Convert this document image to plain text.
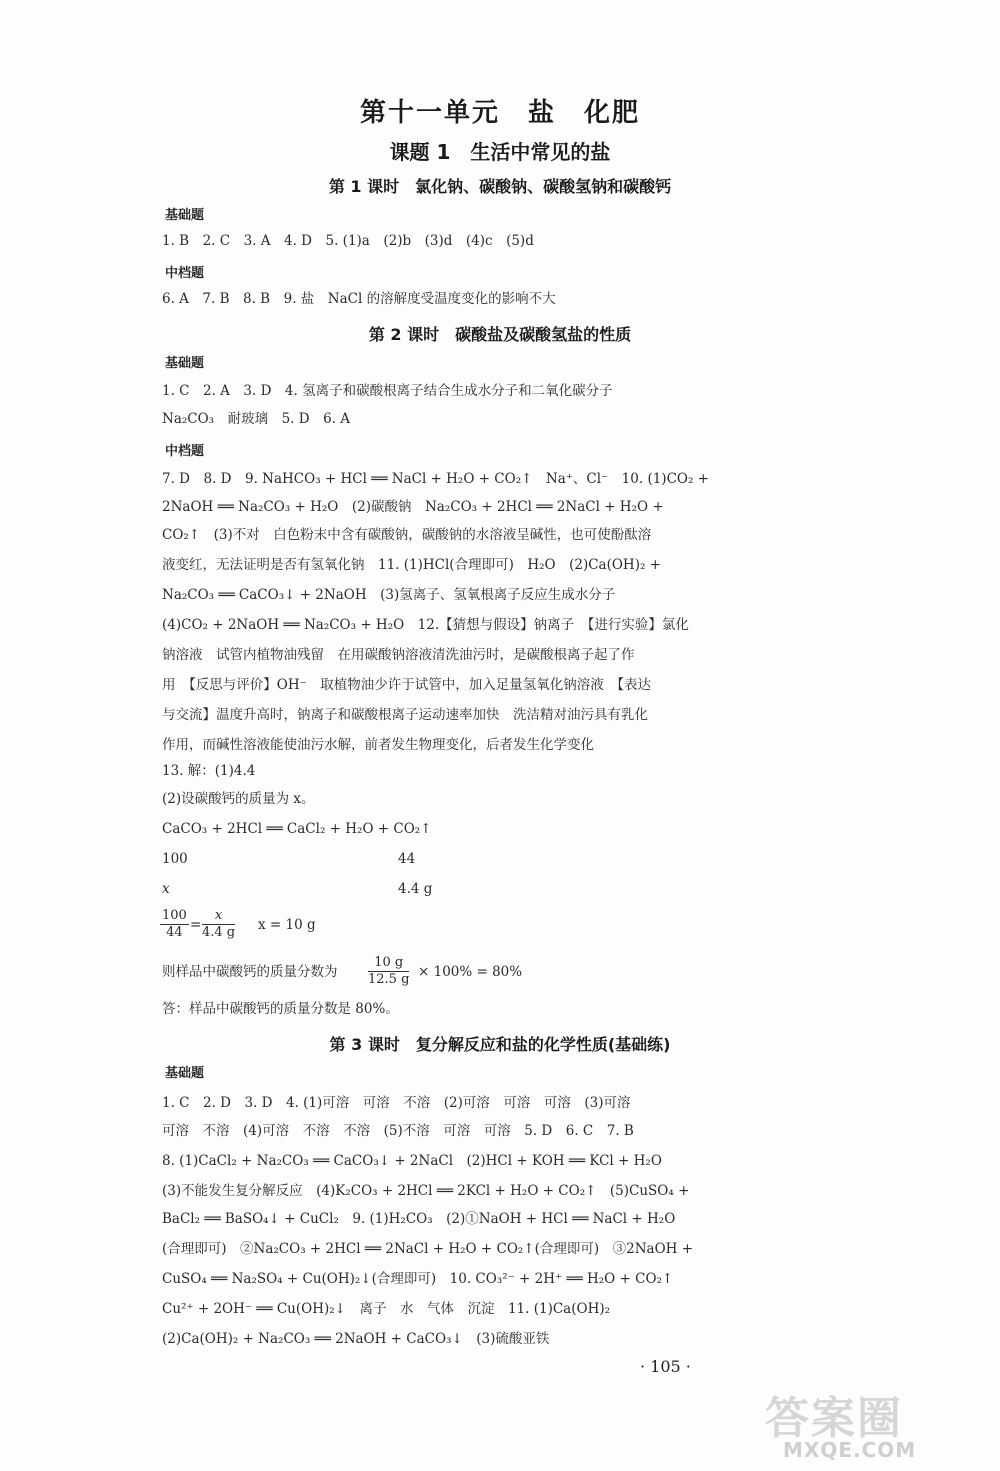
第十一单元　盐　化肥
课题 1　生活中常见的盐
第 1 课时　氯化钠、碳酸钠、碳酸氢钠和碳酸钙
基础题
1. B　2. C　3. A　4. D　5. (1)a　(2)b　(3)d　(4)c　(5)d
中档题
6. A　7. B　8. B　9. 盐　NaCl 的溶解度受温度变化的影响不大
第 2 课时　碳酸盐及碳酸氢盐的性质
基础题
1. C　2. A　3. D　4. 氢离子和碳酸根离子结合生成水分子和二氧化碳分子
Na₂CO₃　耐玻璃　5. D　6. A
中档题
7. D　8. D　9. NaHCO₃ + HCl ══ NaCl + H₂O + CO₂↑　Na⁺、Cl⁻　10. (1)CO₂ +
2NaOH ══ Na₂CO₃ + H₂O　(2)碳酸钠　Na₂CO₃ + 2HCl ══ 2NaCl + H₂O +
CO₂↑　(3)不对　白色粉末中含有碳酸钠，碳酸钠的水溶液呈碱性，也可使酚酞溶
液变红，无法证明是否有氢氧化钠　11. (1)HCl(合理即可)　H₂O　(2)Ca(OH)₂ +
Na₂CO₃ ══ CaCO₃↓ + 2NaOH　(3)氢离子、氢氧根离子反应生成水分子
(4)CO₂ + 2NaOH ══ Na₂CO₃ + H₂O　12.【猜想与假设】钠离子　【进行实验】氯化
钠溶液　试管内植物油残留　在用碳酸钠溶液清洗油污时，是碳酸根离子起了作
用　【反思与评价】OH⁻　取植物油少许于试管中，加入足量氢氧化钠溶液　【表达
与交流】温度升高时，钠离子和碳酸根离子运动速率加快　洗洁精对油污具有乳化
作用，而碱性溶液能使油污水解，前者发生物理变化，后者发生化学变化
13. 解：(1)4.4
(2)设碳酸钙的质量为 x。
CaCO₃ + 2HCl ══ CaCl₂ + H₂O + CO₂↑
100	44
x	4.4 g
$\frac{100}{44} = \frac{x}{4.4 g}$ x = 10 g
则样品中碳酸钙的质量分数为	$\frac{10 g}{12.5 g} \times 100\% = 80\%$
答：样品中碳酸钙的质量分数是 80%。
第 3 课时　复分解反应和盐的化学性质(基础练)
基础题
1. C　2. D　3. D　4. (1)可溶　可溶　不溶　(2)可溶　可溶　可溶　(3)可溶
可溶　不溶　(4)可溶　不溶　不溶　(5)不溶　可溶　可溶　5. D　6. C　7. B
8. (1)CaCl₂ + Na₂CO₃ ══ CaCO₃↓ + 2NaCl　(2)HCl + KOH ══ KCl + H₂O
(3)不能发生复分解反应　(4)K₂CO₃ + 2HCl ══ 2KCl + H₂O + CO₂↑　(5)CuSO₄ +
BaCl₂ ══ BaSO₄↓ + CuCl₂　9. (1)H₂CO₃　(2)①NaOH + HCl ══ NaCl + H₂O
(合理即可)　②Na₂CO₃ + 2HCl ══ 2NaCl + H₂O + CO₂↑(合理即可)　③2NaOH +
CuSO₄ ══ Na₂SO₄ + Cu(OH)₂↓(合理即可)　10. CO₃²⁻ + 2H⁺ ══ H₂O + CO₂↑
Cu²⁺ + 2OH⁻ ══ Cu(OH)₂↓　离子　水　气体　沉淀　11. (1)Ca(OH)₂
(2)Ca(OH)₂ + Na₂CO₃ ══ 2NaOH + CaCO₃↓　(3)硫酸亚铁
· 105 ·
答案圈
MXQE.COM
